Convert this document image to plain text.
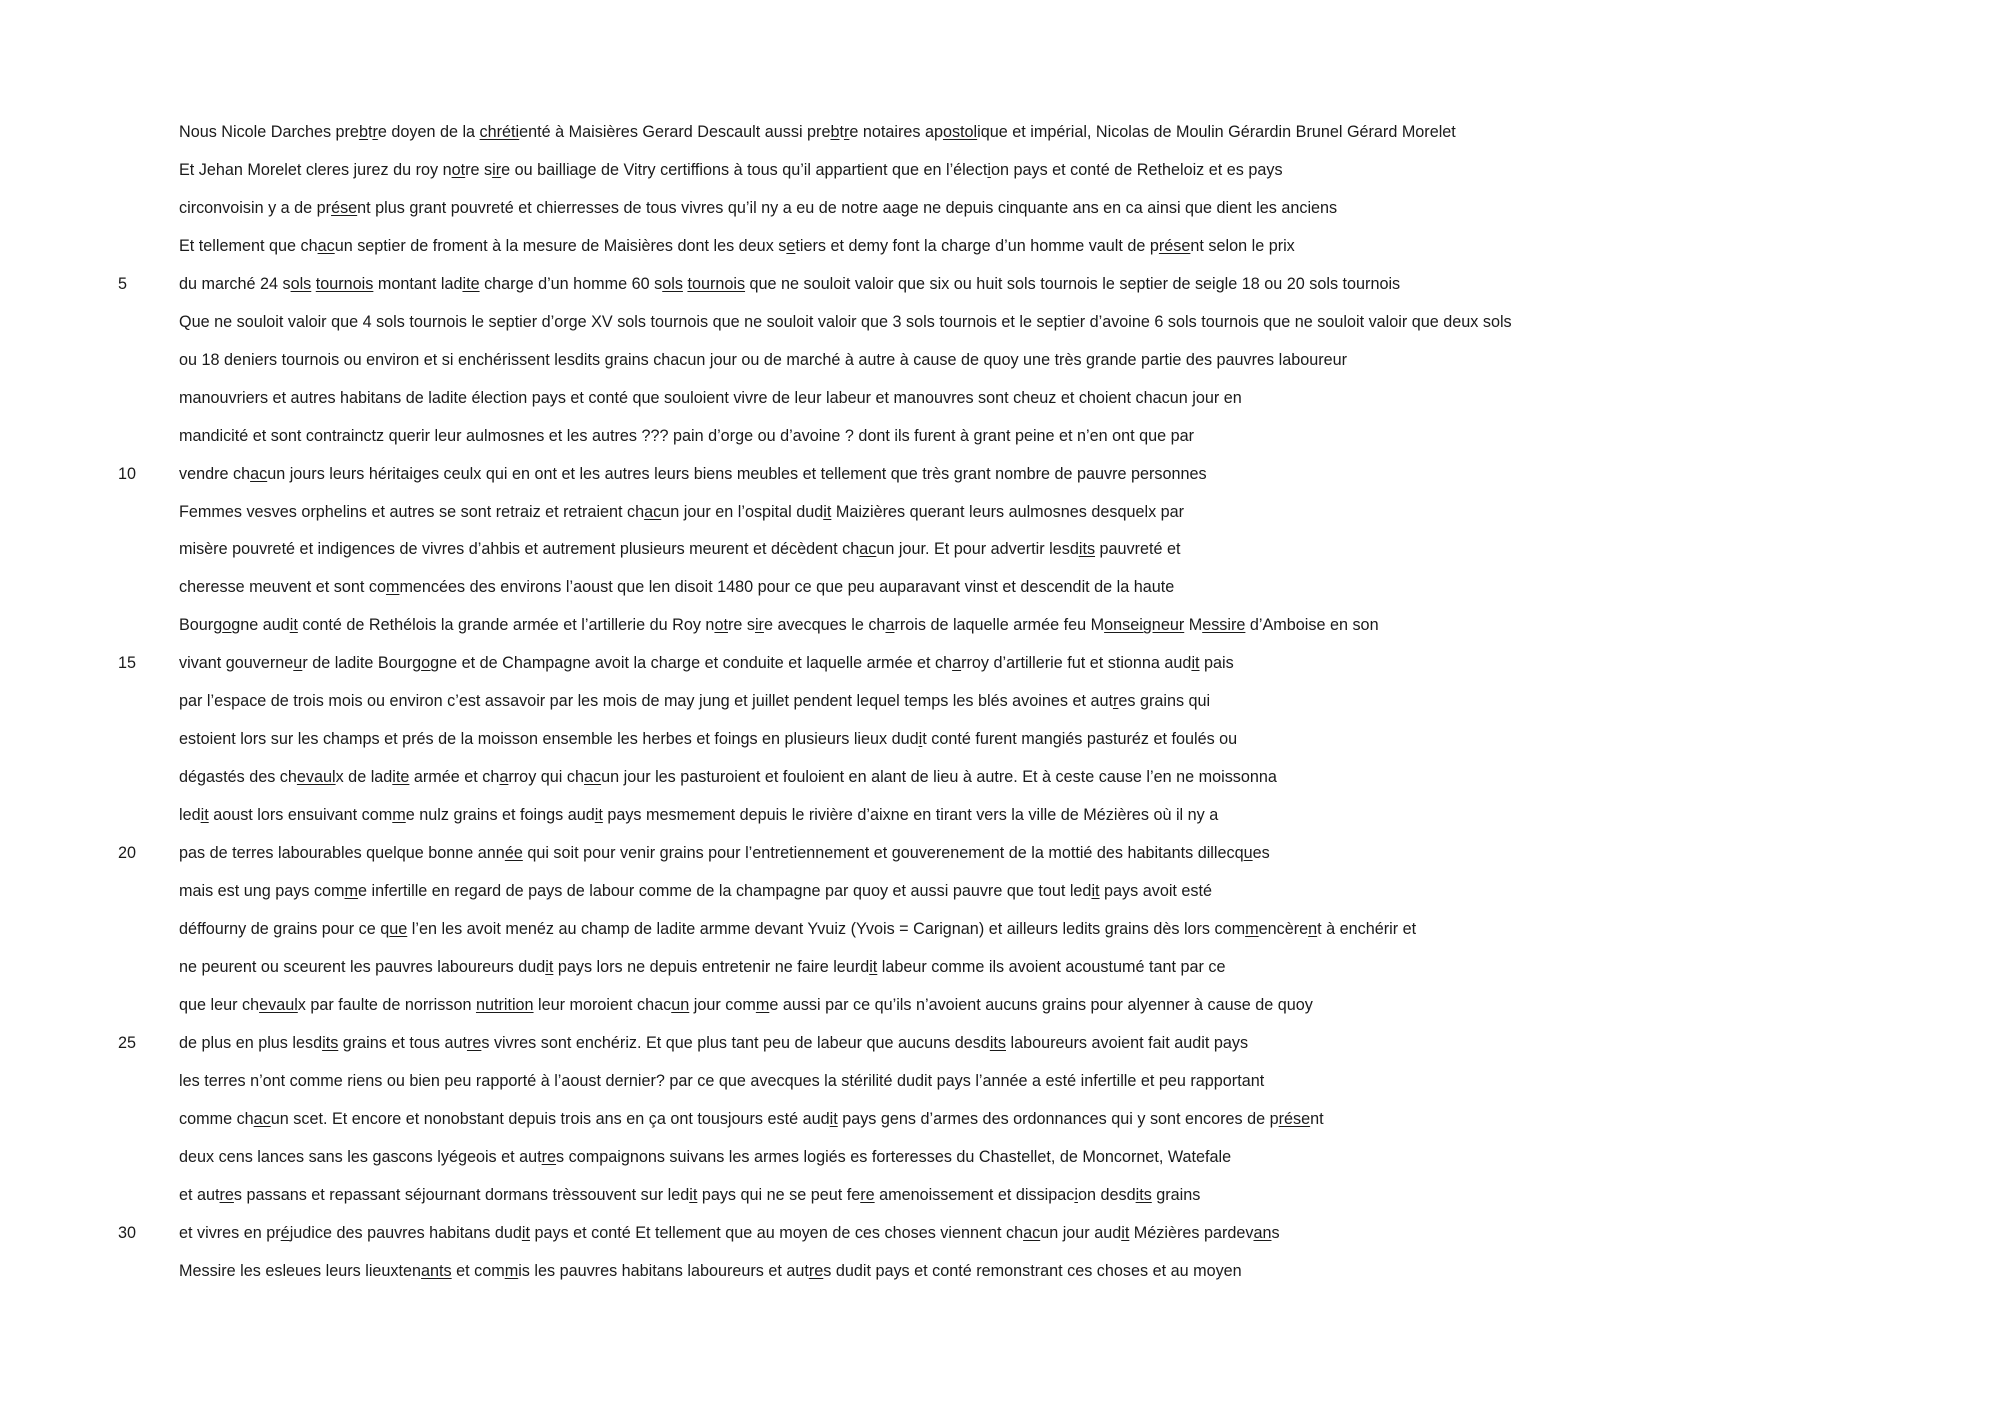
Nous Nicole Darches prebtre doyen de la chrétienté à Maisières Gerard Descault aussi prebtre notaires apostolique et impérial, Nicolas de Moulin Gérardin Brunel Gérard Morelet
Et Jehan Morelet cleres jurez du roy notre sire ou bailliage de Vitry certiffions à tous qu’il appartient que en l’élection pays et conté de Retheloiz et es pays
circonvoisin y a de présent plus grant pouvreté et chierresses de tous vivres qu’il ny a eu de notre aage ne depuis cinquante ans en ca ainsi que dient les anciens
Et tellement que chacun septier de froment à la mesure de Maisières dont les deux setiers et demy font la charge d’un homme vault de présent selon le prix
5	du marché 24 sols tournois montant ladite charge d’un homme 60 sols tournois que ne souloit valoir que six ou huit sols tournois le septier de seigle 18 ou 20 sols tournois
Que ne souloit valoir que 4 sols tournois le septier d’orge XV sols tournois que ne souloit valoir que 3 sols tournois et le septier d’avoine 6 sols tournois que ne souloit valoir que deux sols
ou 18 deniers tournois ou environ et si enchérissent lesdits grains chacun jour ou de marché à autre à cause de quoy une très grande partie des pauvres laboureur
manouvriers et autres habitans de ladite élection pays et conté que souloient vivre de leur labeur et manouvres sont cheuz et choient chacun jour en
mandicité et sont contrainctz querir leur aulmosnes et les autres ??? pain d’orge ou d’avoine ? dont ils furent à grant peine et n’en ont que par
10	vendre chacun jours leurs héritaiges ceulx qui en ont et les autres leurs biens meubles et tellement que très grant nombre de pauvre personnes
Femmes vesves orphelins et autres se sont retraiz et retraient chacun jour en l’ospital dudit Maizières querant leurs aulmosnes desquelx par
misère pouvreté et indigences de vivres d’ahbis et autrement plusieurs meurent et décèdent chacun jour. Et pour advertir lesdits pauvreté et
cheresse meuvent et sont commencées des environs l’aoust que len disoit 1480 pour ce que peu auparavant vinst et descendit de la haute
Bourgogne audit conté de Rethélois la grande armée et l’artillerie du Roy notre sire avecques le charrois de laquelle armée feu Monseigneur Messire d’Amboise en son
15	vivant gouverneur de ladite Bourgogne et de Champagne avoit la charge et conduite et laquelle armée et charroy d’artillerie fut et stionna audit pais
par l’espace de trois mois ou environ c’est assavoir par les mois de may jung et juillet pendent lequel temps les blés avoines et autres grains qui
estoient lors sur les champs et prés de la moisson ensemble les herbes et foings en plusieurs lieux dudit conté furent mangiés pasturéz et foulés ou
dégastés des chevaulx de ladite armée et charroy qui chacun jour les pasturoient et fouloient en alant de lieu à autre. Et à ceste cause l’en ne moissonna
ledit aoust lors ensuivant comme nulz grains et foings audit pays mesmement depuis le rivière d’aixne en tirant vers la ville de Mézières où il ny a
20	pas de terres labourables quelque bonne année qui soit pour venir grains pour l’entretiennement et gouverenement de la mottié des habitants dillecques
mais est ung pays comme infertille en regard de pays de labour comme de la champagne par quoy et aussi pauvre que tout ledit pays avoit esté
déffourny de grains pour ce que l’en les avoit menéz au champ de ladite armme devant Yvuiz (Yvois = Carignan) et ailleurs ledits grains dès lors commencèrent à enchérir et
ne peurent ou sceurent les pauvres laboureurs dudit pays lors ne depuis entretenir ne faire leurdit labeur comme ils avoient acoustumé tant par ce
que leur chevaulx par faulte de norrisson nutrition leur moroient chacun jour comme aussi par ce qu’ils n’avoient aucuns grains pour alyenner à cause de quoy
25	de plus en plus lesdits grains et tous autres vivres sont enchériz. Et que plus tant peu de labeur que aucuns desdits laboureurs avoient fait audit pays
les terres n’ont comme riens ou bien peu rapporté à l’aoust dernier? par ce que avecques la stérilité dudit pays l’année a esté infertille et peu rapportant
comme chacun scet. Et encore et nonobstant depuis trois ans en ça ont tousjours esté audit pays gens d’armes des ordonnances qui y sont encores de présent
deux cens lances sans les gascons lyégeois et autres compaignons suivans les armes logiés es forteresses du Chastellet, de Moncornet, Watefale
et autres passans et repassant séjournant dormans trèssouvent sur ledit pays qui ne se peut fere amenoissement et dissipacion desdits grains
30	et vivres en préjudice des pauvres habitans dudit pays et conté Et tellement que au moyen de ces choses viennent chacun jour audit Mézières pardevans
Messire les esleues leurs lieuxtenants et commis les pauvres habitans laboureurs et autres dudit pays et conté remonstrant ces choses et au moyen
